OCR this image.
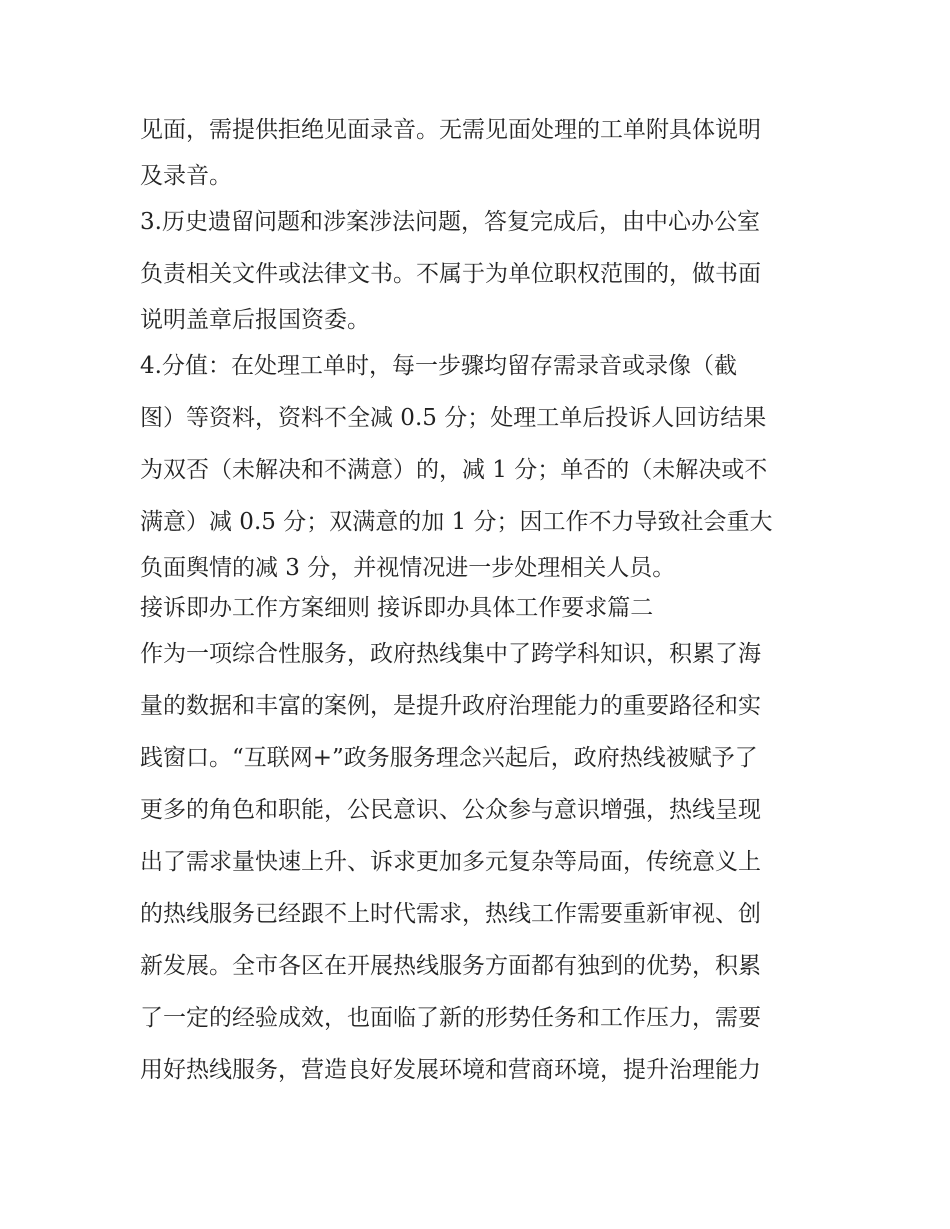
见面，需提供拒绝见面录音。无需见面处理的工单附具体说明
及录音。
3.历史遗留问题和涉案涉法问题，答复完成后，由中心办公室
负责相关文件或法律文书。不属于为单位职权范围的，做书面
说明盖章后报国资委。
4.分值：在处理工单时，每一步骤均留存需录音或录像（截
图）等资料，资料不全减 0.5 分；处理工单后投诉人回访结果
为双否（未解决和不满意）的，减 1 分；单否的（未解决或不
满意）减 0.5 分；双满意的加 1 分；因工作不力导致社会重大
负面舆情的减 3 分，并视情况进一步处理相关人员。
接诉即办工作方案细则 接诉即办具体工作要求篇二
作为一项综合性服务，政府热线集中了跨学科知识，积累了海
量的数据和丰富的案例，是提升政府治理能力的重要路径和实
践窗口。“互联网+”政务服务理念兴起后，政府热线被赋予了
更多的角色和职能，公民意识、公众参与意识增强，热线呈现
出了需求量快速上升、诉求更加多元复杂等局面，传统意义上
的热线服务已经跟不上时代需求，热线工作需要重新审视、创
新发展。全市各区在开展热线服务方面都有独到的优势，积累
了一定的经验成效，也面临了新的形势任务和工作压力，需要
用好热线服务，营造良好发展环境和营商环境，提升治理能力
